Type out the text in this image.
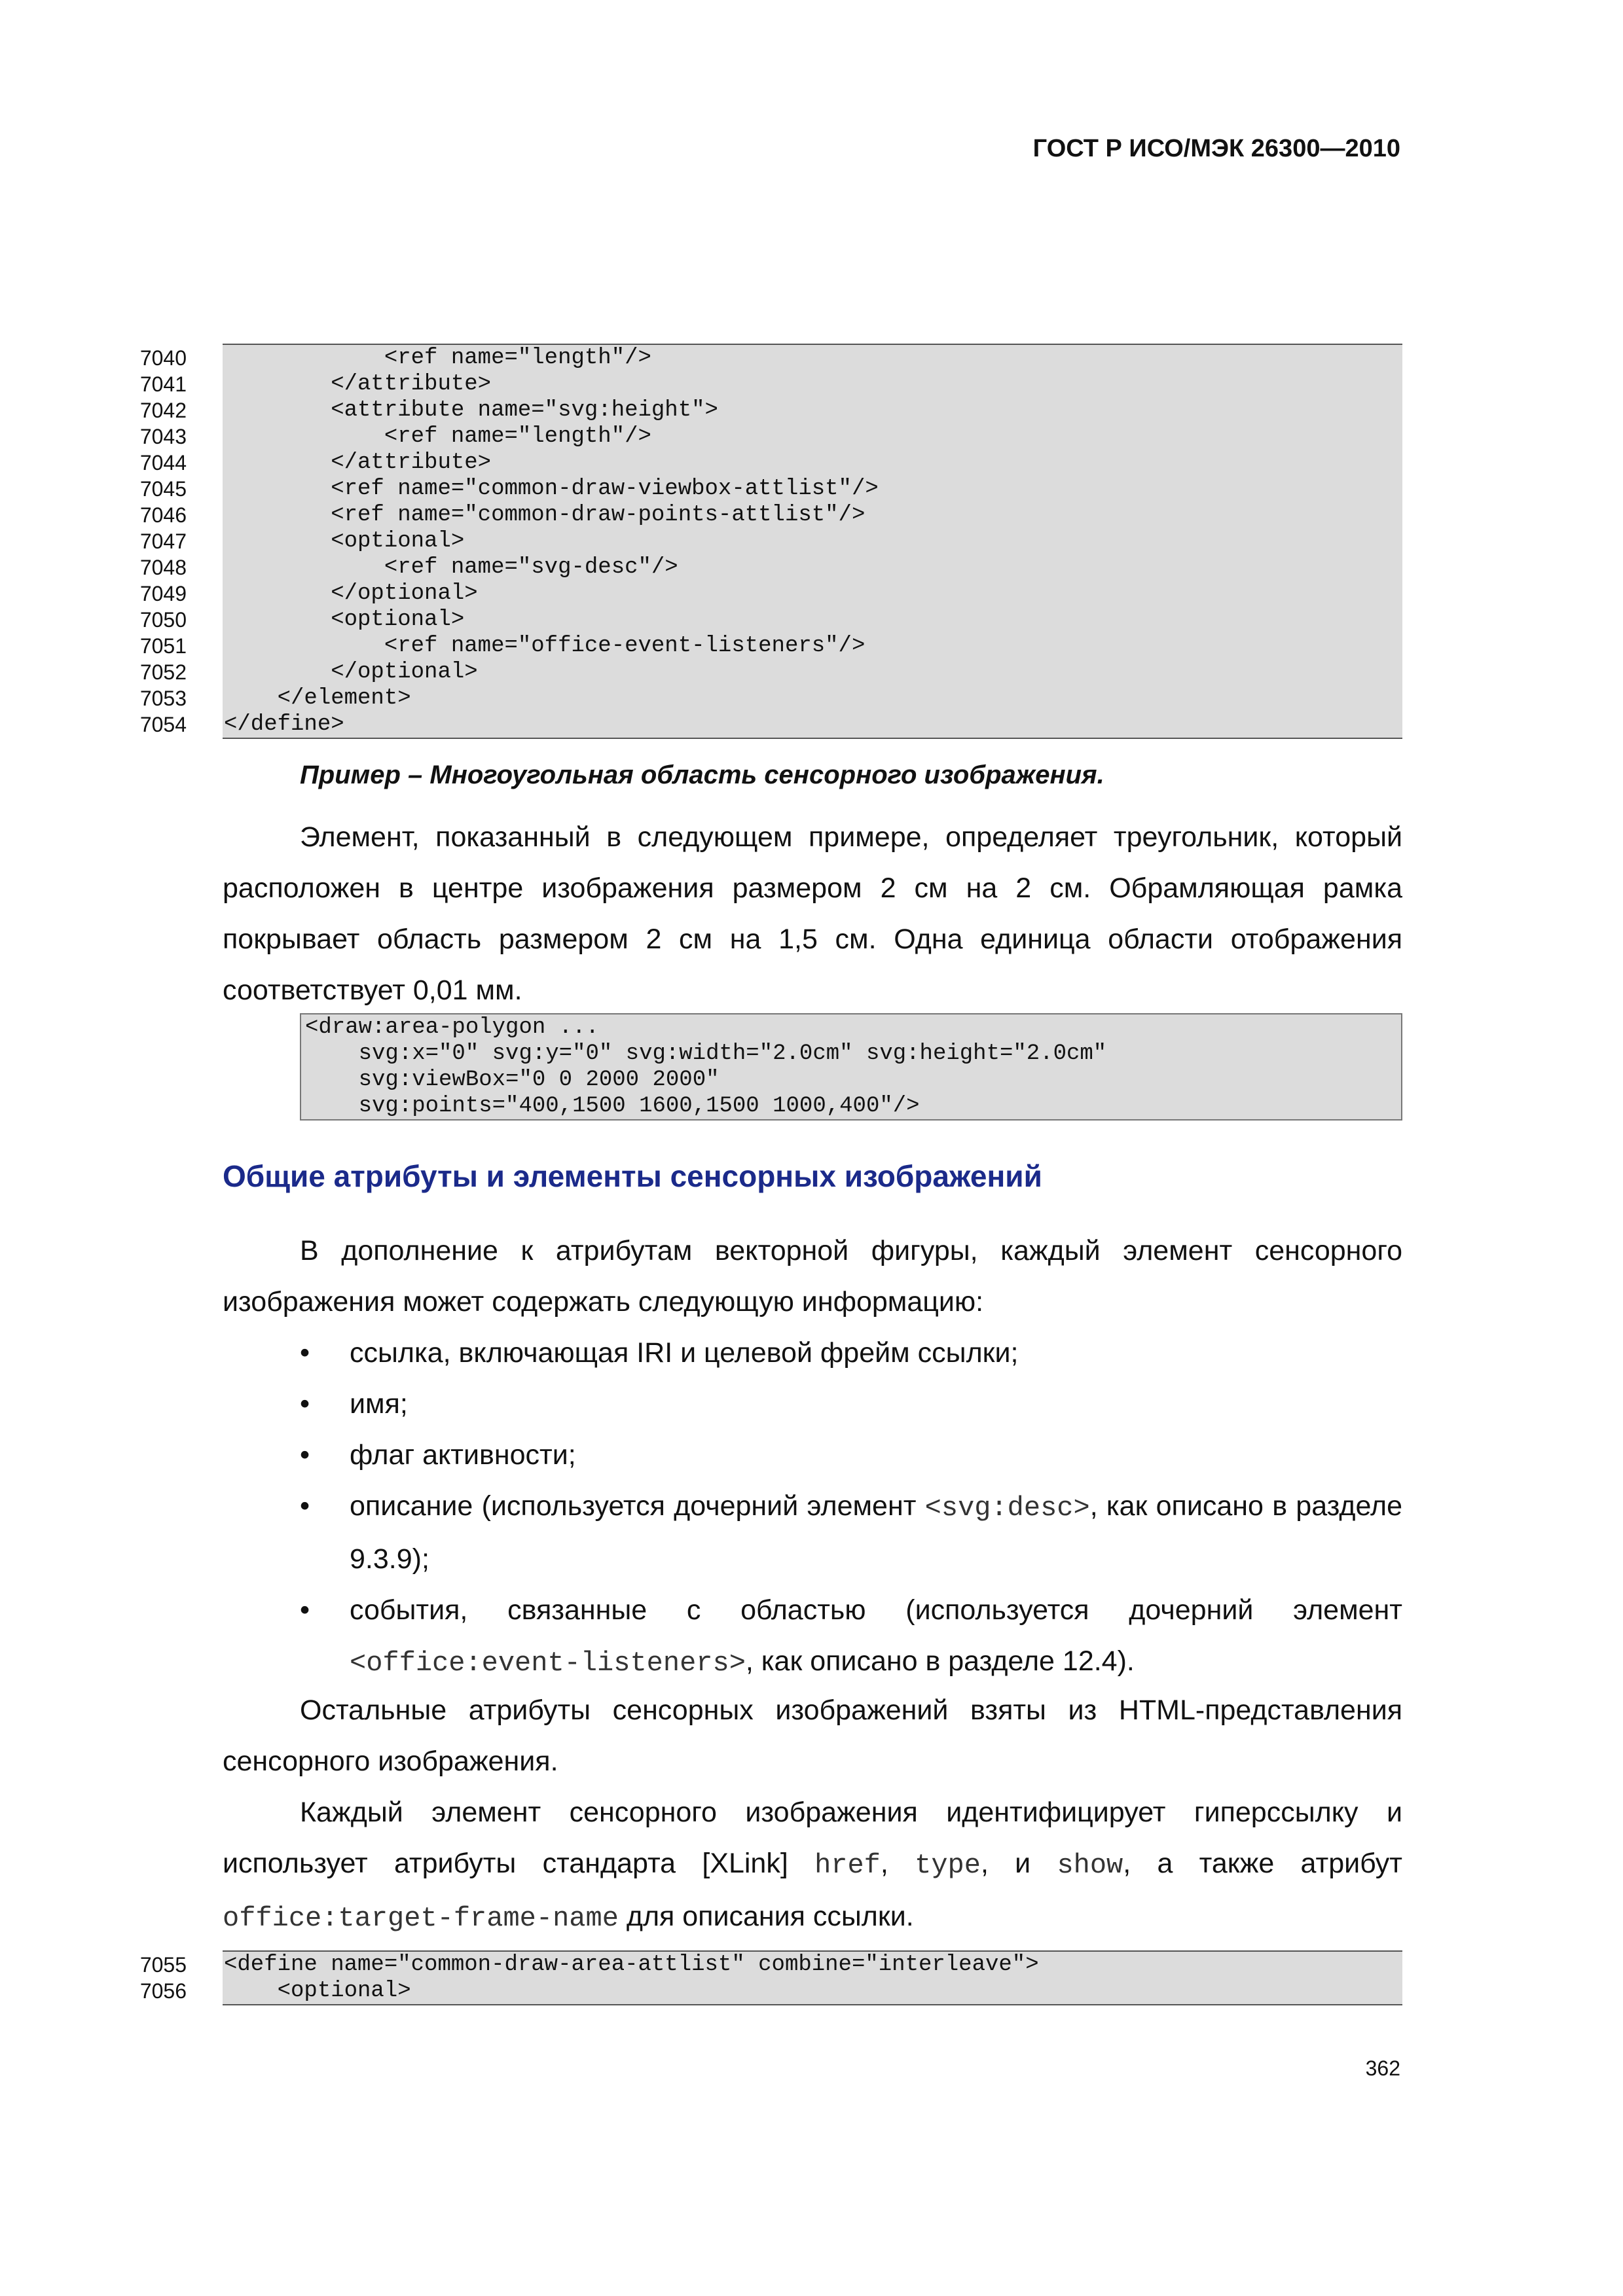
ГОСТ Р ИСО/МЭК 26300—2010
7040
7041
7042
7043
7044
7045
7046
7047
7048
7049
7050
7051
7052
7053
7054
<ref name="length"/>
</attribute>
<attribute name="svg:height">
<ref name="length"/>
</attribute>
<ref name="common-draw-viewbox-attlist"/>
<ref name="common-draw-points-attlist"/>
<optional>
<ref name="svg-desc"/>
</optional>
<optional>
<ref name="office-event-listeners"/>
</optional>
</element>
</define>
Пример – Многоугольная область сенсорного изображения.

Элемент, показанный в следующем примере, определяет треугольник, который расположен в центре изображения размером 2 см на 2 см. Обрамляющая рамка покрывает область размером 2 см на 1,5 см. Одна единица области отображения соответствует 0,01 мм.

<draw:area-polygon ...
svg:x="0" svg:y="0" svg:width="2.0cm" svg:height="2.0cm"
svg:viewBox="0 0 2000 2000"
svg:points="400,1500 1600,1500 1000,400"/>
Общие атрибуты и элементы сенсорных изображений

В дополнение к атрибутам векторной фигуры, каждый элемент сенсорного изображения может содержать следующую информацию:

• ссылка, включающая IRI и целевой фрейм ссылки;
• имя;
• флаг активности;
• описание (используется дочерний элемент <svg:desc>, как описано в разделе 9.3.9);
• события, связанные с областью (используется дочерний элемент <office:event-listeners>, как описано в разделе 12.4).

Остальные атрибуты сенсорных изображений взяты из HTML-представления сенсорного изображения.

Каждый элемент сенсорного изображения идентифицирует гиперссылку и использует атрибуты стандарта [XLink] href, type, и show, а также атрибут office:target-frame-name для описания ссылки.

7055
7056
<define name="common-draw-area-attlist" combine="interleave">
<optional>
362
